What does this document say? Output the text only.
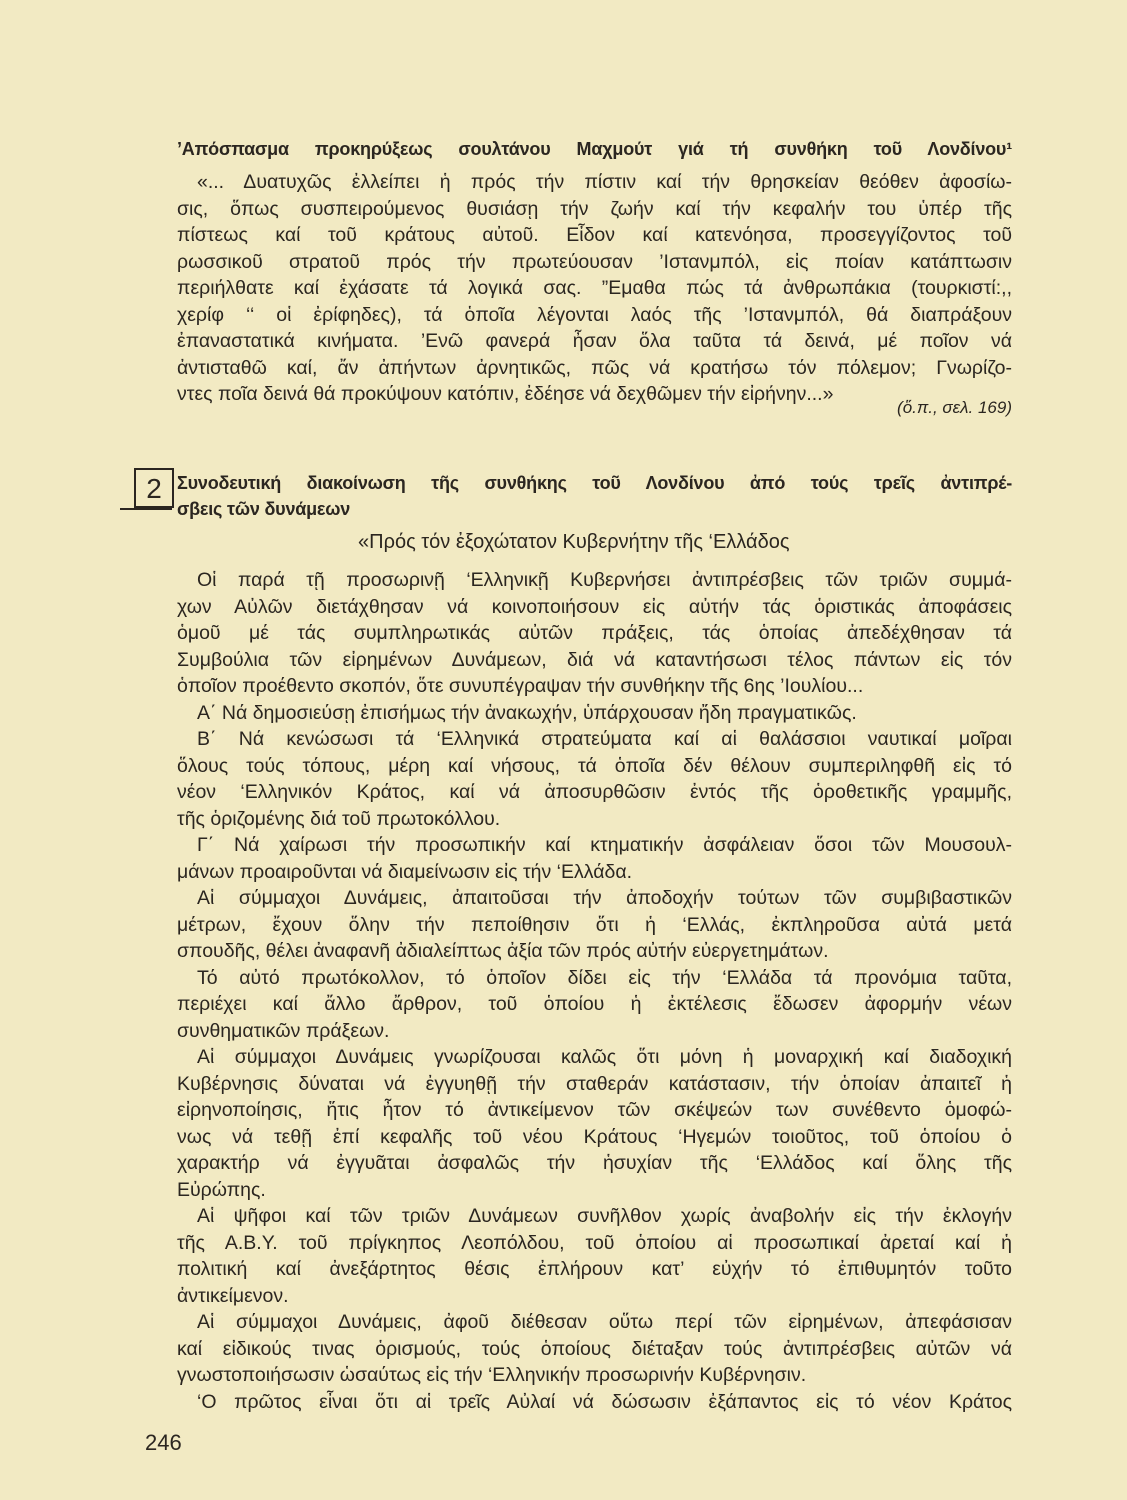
’Απόσπασμα προκηρύξεως σουλτάνου Μαχμούτ γιά τή συνθήκη τοῦ Λονδίνου¹
«... Δυατυχῶς ἐλλείπει ἡ πρός τήν πίστιν καί τήν θρησκείαν θεόθεν ἀφοσίω-
σις, ὅπως συσπειρούμενος θυσιάσῃ τήν ζωήν καί τήν κεφαλήν του ὑπέρ τῆς
πίστεως καί τοῦ κράτους αὐτοῦ. Εἶδον καί κατενόησα, προσεγγίζοντος τοῦ
ρωσσικοῦ στρατοῦ πρός τήν πρωτεύουσαν ’Ιστανμπόλ, εἰς ποίαν κατάπτωσιν
περιήλθατε καί ἐχάσατε τά λογικά σας. ”Εμαθα πώς τά ἀνθρωπάκια (τουρκιστί:,,
χερίφ ‘‘ οἱ ἐρίφηδες), τά ὁποῖα λέγονται λαός τῆς ’Ιστανμπόλ, θά διαπράξουν
ἐπαναστατικά κινήματα. ’Ενῶ φανερά ἦσαν ὅλα ταῦτα τά δεινά, μέ ποῖον νά
ἀντισταθῶ καί, ἄν ἀπήντων ἀρνητικῶς, πῶς νά κρατήσω τόν πόλεμον; Γνωρίζο-
ντες ποῖα δεινά θά προκύψουν κατόπιν, ἐδέησε νά δεχθῶμεν τήν εἰρήνην...»
(ὅ.π., σελ. 169)
2 Συνοδευτική διακοίνωση τῆς συνθήκης τοῦ Λονδίνου ἀπό τούς τρεῖς ἀντιπρέ-
σβεις τῶν δυνάμεων
«Πρός τόν ἐξοχώτατον Κυβερνήτην τῆς ‘Ελλάδος
Οἱ παρά τῇ προσωρινῇ ‘Ελληνικῇ Κυβερνήσει ἀντιπρέσβεις τῶν τριῶν συμμά-
χων Αὐλῶν διετάχθησαν νά κοινοποιήσουν εἰς αὐτήν τάς ὁριστικάς ἀποφάσεις
ὁμοῦ μέ τάς συμπληρωτικάς αὐτῶν πράξεις, τάς ὁποίας ἀπεδέχθησαν τά
Συμβούλια τῶν εἰρημένων Δυνάμεων, διά νά καταντήσωσι τέλος πάντων εἰς τόν
ὁποῖον προέθεντο σκοπόν, ὅτε συνυπέγραψαν τήν συνθήκην τῆς 6ης ’Ιουλίου...
Α΄ Νά δημοσιεύσῃ ἐπισήμως τήν ἀνακωχήν, ὑπάρχουσαν ἤδη πραγματικῶς.
Β΄ Νά κενώσωσι τά ‘Ελληνικά στρατεύματα καί αἱ θαλάσσιοι ναυτικαί μοῖραι
ὅλους τούς τόπους, μέρη καί νήσους, τά ὁποῖα δέν θέλουν συμπεριληφθῆ εἰς τό
νέον ‘Ελληνικόν Κράτος, καί νά ἀποσυρθῶσιν ἐντός τῆς ὁροθετικῆς γραμμῆς,
τῆς ὁριζομένης διά τοῦ πρωτοκόλλου.
Γ΄ Νά χαίρωσι τήν προσωπικήν καί κτηματικήν ἀσφάλειαν ὅσοι τῶν Μουσουλ-
μάνων προαιροῦνται νά διαμείνωσιν εἰς τήν ‘Ελλάδα.
Αἱ σύμμαχοι Δυνάμεις, ἀπαιτοῦσαι τήν ἀποδοχήν τούτων τῶν συμβιβαστικῶν
μέτρων, ἔχουν ὅλην τήν πεποίθησιν ὅτι ἡ ‘Ελλάς, ἐκπληροῦσα αὐτά μετά
σπουδῆς, θέλει ἀναφανῆ ἀδιαλείπτως ἀξία τῶν πρός αὐτήν εὐεργετημάτων.
Τό αὐτό πρωτόκολλον, τό ὁποῖον δίδει εἰς τήν ‘Ελλάδα τά προνόμια ταῦτα,
περιέχει καί ἄλλο ἄρθρον, τοῦ ὁποίου ἡ ἐκτέλεσις ἔδωσεν ἀφορμήν νέων
συνθηματικῶν πράξεων.
Αἱ σύμμαχοι Δυνάμεις γνωρίζουσαι καλῶς ὅτι μόνη ἡ μοναρχική καί διαδοχική
Κυβέρνησις δύναται νά ἐγγυηθῇ τήν σταθεράν κατάστασιν, τήν ὁποίαν ἀπαιτεῖ ἡ
εἰρηνοποίησις, ἥτις ἦτον τό ἀντικείμενον τῶν σκέψεών των συνέθεντο ὁμοφώ-
νως νά τεθῇ ἐπί κεφαλῆς τοῦ νέου Κράτους ‘Ηγεμών τοιοῦτος, τοῦ ὁποίου ὁ
χαρακτήρ νά ἐγγυᾶται ἀσφαλῶς τήν ἡσυχίαν τῆς ‘Ελλάδος καί ὅλης τῆς
Εὐρώπης.
Αἱ ψῆφοι καί τῶν τριῶν Δυνάμεων συνῆλθον χωρίς ἀναβολήν εἰς τήν ἐκλογήν
τῆς Α.Β.Υ. τοῦ πρίγκηπος Λεοπόλδου, τοῦ ὁποίου αἱ προσωπικαί ἀρεταί καί ἡ
πολιτική καί ἀνεξάρτητος θέσις ἐπλήρουν κατ’ εὐχήν τό ἐπιθυμητόν τοῦτο
ἀντικείμενον.
Αἱ σύμμαχοι Δυνάμεις, ἀφοῦ διέθεσαν οὕτω περί τῶν εἰρημένων, ἀπεφάσισαν
καί εἰδικούς τινας ὁρισμούς, τούς ὁποίους διέταξαν τούς ἀντιπρέσβεις αὐτῶν νά
γνωστοποιήσωσιν ὡσαύτως εἰς τήν ‘Ελληνικήν προσωρινήν Κυβέρνησιν.
‘Ο πρῶτος εἶναι ὅτι αἱ τρεῖς Αὐλαί νά δώσωσιν ἐξάπαντος εἰς τό νέον Κράτος
246
